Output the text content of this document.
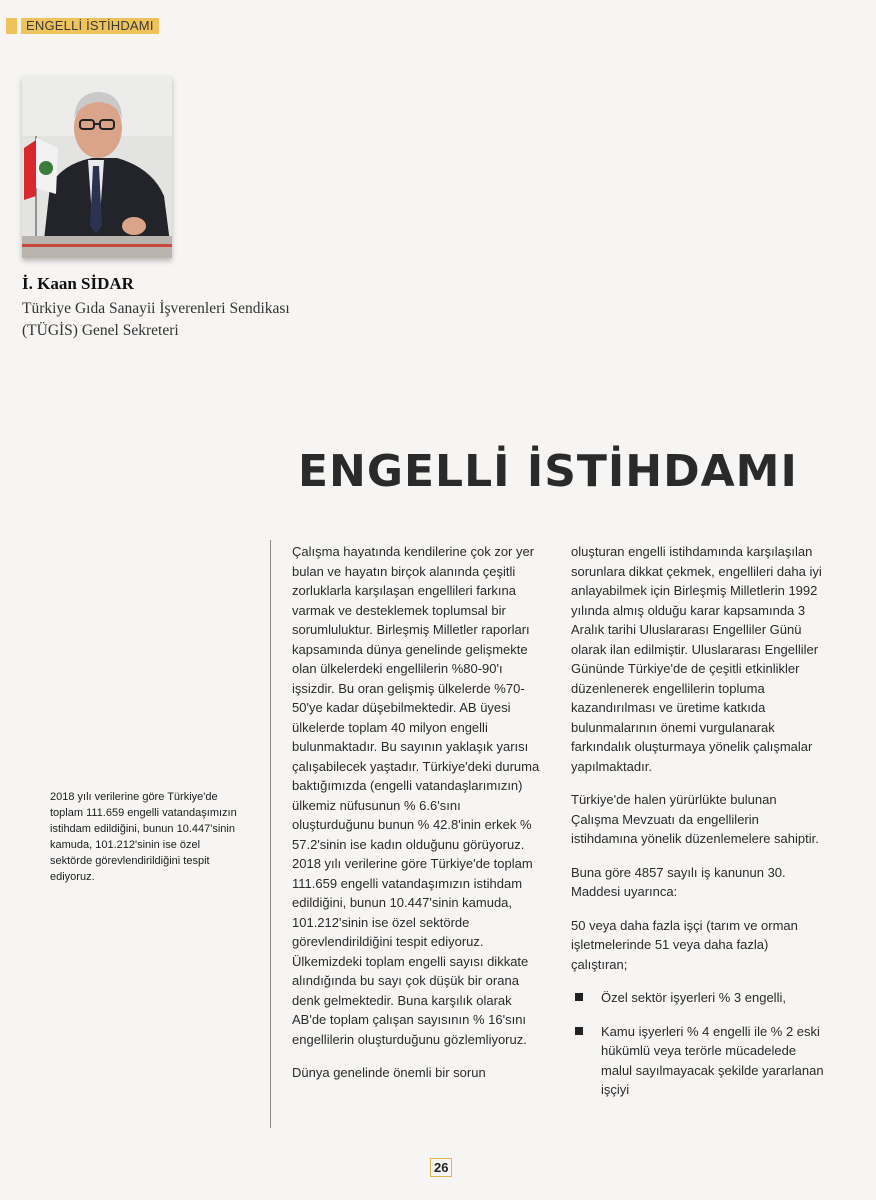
ENGELLİ İSTİHDAMI
İ. Kaan SİDAR
Türkiye Gıda Sanayii İşverenleri Sendikası
(TÜGİS) Genel Sekreteri
ENGELLİ İSTİHDAMI
2018 yılı verilerine göre Türkiye'de toplam 111.659 engelli vatandaşımızın istihdam edildiğini, bunun 10.447'sinin kamuda, 101.212'sinin ise özel sektörde görevlendirildiğini tespit ediyoruz.

Çalışma hayatında kendilerine çok zor yer bulan ve hayatın birçok alanında çeşitli zorluklarla karşılaşan engellileri farkına varmak ve desteklemek toplumsal bir sorumluluktur. Birleşmiş Milletler raporları kapsamında dünya genelinde gelişmekte olan ülkelerdeki engellilerin %80-90'ı işsizdir. Bu oran gelişmiş ülkelerde %70-50'ye kadar düşebilmektedir. AB üyesi ülkelerde toplam 40 milyon engelli bulunmaktadır. Bu sayının yaklaşık yarısı çalışabilecek yaştadır. Türkiye'deki duruma baktığımızda (engelli vatandaşlarımızın) ülkemiz nüfusunun % 6.6'sını oluşturduğunu bunun % 42.8'inin erkek % 57.2'sinin ise kadın olduğunu görüyoruz. 2018 yılı verilerine göre Türkiye'de toplam 111.659 engelli vatandaşımızın istihdam edildiğini, bunun 10.447'sinin kamuda, 101.212'sinin ise özel sektörde görevlendirildiğini tespit ediyoruz. Ülkemizdeki toplam engelli sayısı dikkate alındığında bu sayı çok düşük bir orana denk gelmektedir. Buna karşılık olarak AB'de toplam çalışan sayısının % 16'sını engellilerin oluşturduğunu gözlemliyoruz.

Dünya genelinde önemli bir sorun

oluşturan engelli istihdamında karşılaşılan sorunlara dikkat çekmek, engellileri daha iyi anlayabilmek için Birleşmiş Milletlerin 1992 yılında almış olduğu karar kapsamında 3 Aralık tarihi Uluslararası Engelliler Günü olarak ilan edilmiştir. Uluslararası Engelliler Gününde Türkiye'de de çeşitli etkinlikler düzenlenerek engellilerin topluma kazandırılması ve üretime katkıda bulunmalarının önemi vurgulanarak farkındalık oluşturmaya yönelik çalışmalar yapılmaktadır.

Türkiye'de halen yürürlükte bulunan Çalışma Mevzuatı da engellilerin istihdamına yönelik düzenlemelere sahiptir.

Buna göre 4857 sayılı iş kanunun 30. Maddesi uyarınca:

50 veya daha fazla işçi (tarım ve orman işletmelerinde 51 veya daha fazla) çalıştıran;

Özel sektör işyerleri % 3 engelli,
Kamu işyerleri % 4 engelli ile % 2 eski hükümlü veya terörle mücadelede malul sayılmayacak şekilde yararlanan işçiyi
26
